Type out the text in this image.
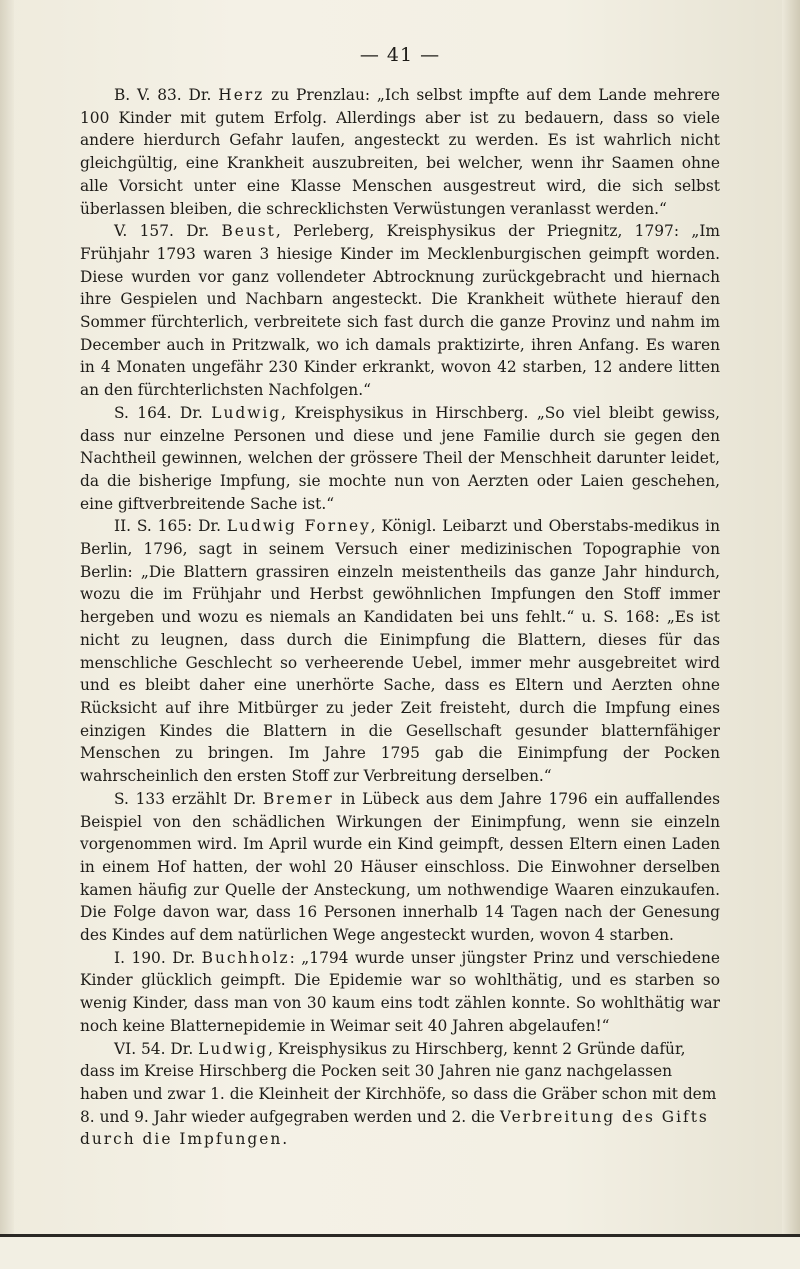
— 41 —

B. V. 83. Dr. Herz zu Prenzlau: „Ich selbst impfte auf dem Lande mehrere 100 Kinder mit gutem Erfolg. Allerdings aber ist zu bedauern, dass so viele andere hierdurch Gefahr laufen, angesteckt zu werden. Es ist wahrlich nicht gleichgültig, eine Krankheit auszubreiten, bei welcher, wenn ihr Saamen ohne alle Vorsicht unter eine Klasse Menschen ausgestreut wird, die sich selbst überlassen bleiben, die schrecklichsten Verwüstungen veranlasst werden.“

V. 157. Dr. Beust, Perleberg, Kreisphysikus der Priegnitz, 1797: „Im Frühjahr 1793 waren 3 hiesige Kinder im Mecklenburgischen geimpft worden. Diese wurden vor ganz vollendeter Abtrocknung zurückgebracht und hiernach ihre Gespielen und Nachbarn angesteckt. Die Krankheit wüthete hierauf den Sommer fürchterlich, verbreitete sich fast durch die ganze Provinz und nahm im December auch in Pritzwalk, wo ich damals praktizirte, ihren Anfang. Es waren in 4 Monaten ungefähr 230 Kinder erkrankt, wovon 42 starben, 12 andere litten an den fürchterlichsten Nachfolgen.“

S. 164. Dr. Ludwig, Kreisphysikus in Hirschberg. „So viel bleibt gewiss, dass nur einzelne Personen und diese und jene Familie durch sie gegen den Nachtheil gewinnen, welchen der grössere Theil der Menschheit darunter leidet, da die bisherige Impfung, sie mochte nun von Aerzten oder Laien geschehen, eine giftverbreitende Sache ist.“

II. S. 165: Dr. Ludwig Forney, Königl. Leibarzt und Oberstabs-medikus in Berlin, 1796, sagt in seinem Versuch einer medizinischen Topographie von Berlin: „Die Blattern grassiren einzeln meistentheils das ganze Jahr hindurch, wozu die im Frühjahr und Herbst gewöhnlichen Impfungen den Stoff immer hergeben und wozu es niemals an Kandidaten bei uns fehlt.“ u. S. 168: „Es ist nicht zu leugnen, dass durch die Einimpfung die Blattern, dieses für das menschliche Geschlecht so verheerende Uebel, immer mehr ausgebreitet wird und es bleibt daher eine unerhörte Sache, dass es Eltern und Aerzten ohne Rücksicht auf ihre Mitbürger zu jeder Zeit freisteht, durch die Impfung eines einzigen Kindes die Blattern in die Gesellschaft gesunder blatternfähiger Menschen zu bringen. Im Jahre 1795 gab die Einimpfung der Pocken wahrscheinlich den ersten Stoff zur Verbreitung derselben.“

S. 133 erzählt Dr. Bremer in Lübeck aus dem Jahre 1796 ein auffallendes Beispiel von den schädlichen Wirkungen der Einimpfung, wenn sie einzeln vorgenommen wird. Im April wurde ein Kind geimpft, dessen Eltern einen Laden in einem Hof hatten, der wohl 20 Häuser einschloss. Die Einwohner derselben kamen häufig zur Quelle der Ansteckung, um nothwendige Waaren einzukaufen. Die Folge davon war, dass 16 Personen innerhalb 14 Tagen nach der Genesung des Kindes auf dem natürlichen Wege angesteckt wurden, wovon 4 starben.

I. 190. Dr. Buchholz: „1794 wurde unser jüngster Prinz und verschiedene Kinder glücklich geimpft. Die Epidemie war so wohlthätig, und es starben so wenig Kinder, dass man von 30 kaum eins todt zählen konnte. So wohlthätig war noch keine Blatternepidemie in Weimar seit 40 Jahren abgelaufen!“

VI. 54. Dr. Ludwig, Kreisphysikus zu Hirschberg, kennt 2 Gründe dafür, dass im Kreise Hirschberg die Pocken seit 30 Jahren nie ganz nachgelassen haben und zwar 1. die Kleinheit der Kirchhöfe, so dass die Gräber schon mit dem 8. und 9. Jahr wieder aufgegraben werden und 2. die Verbreitung des Gifts durch die Impfungen.
